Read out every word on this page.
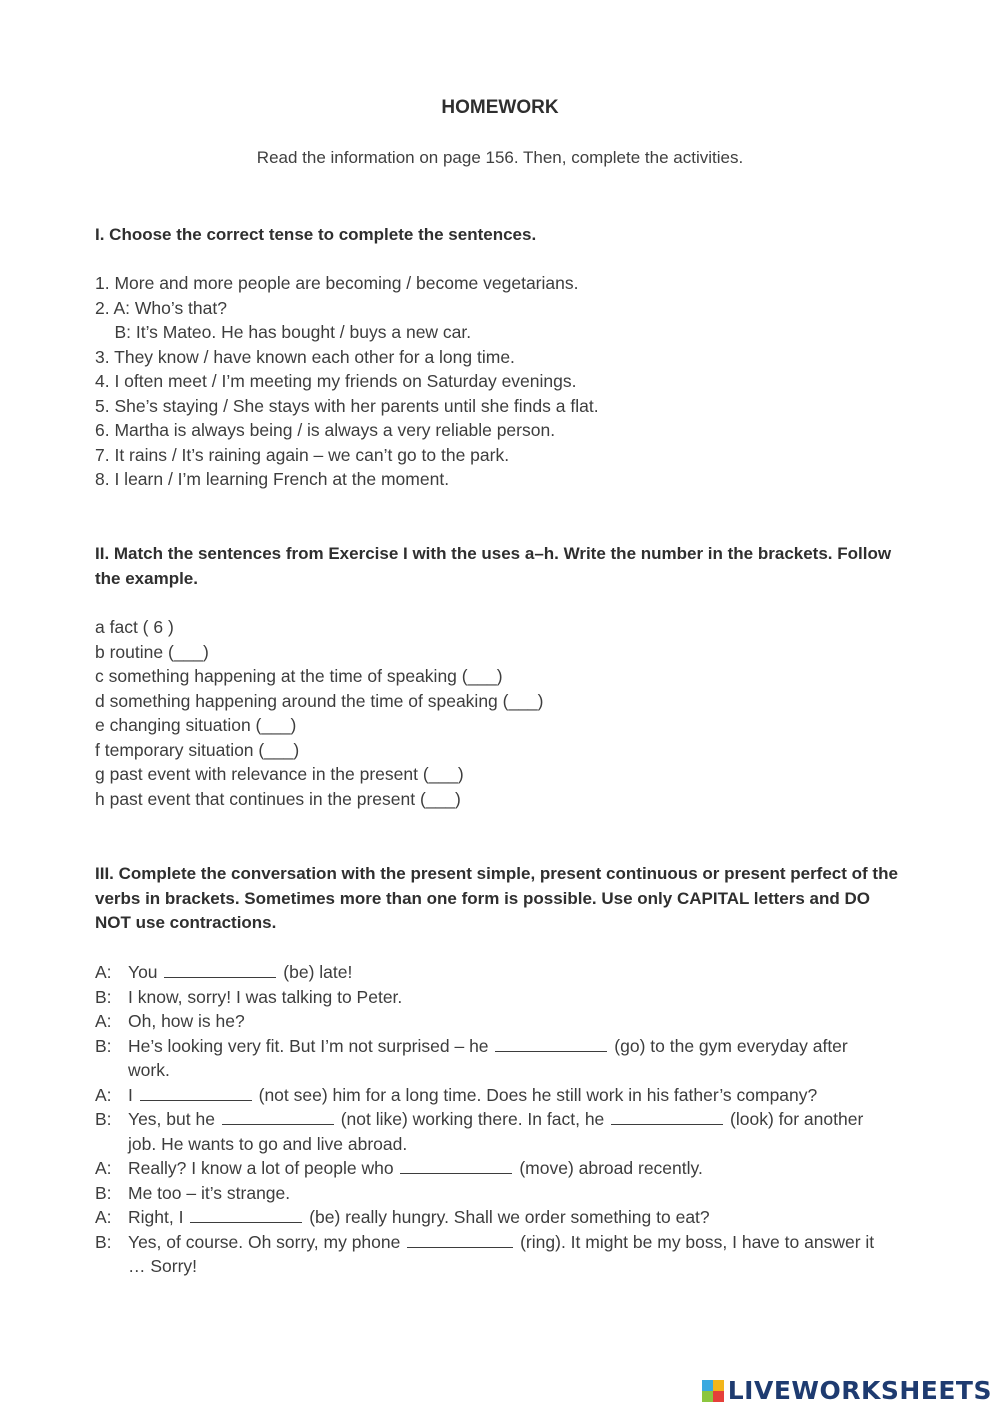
HOMEWORK
Read the information on page 156. Then, complete the activities.
I. Choose the correct tense to complete the sentences.
1. More and more people are becoming / become vegetarians.
2. A: Who’s that?
B: It’s Mateo. He has bought / buys a new car.
3. They know / have known each other for a long time.
4. I often meet / I’m meeting my friends on Saturday evenings.
5. She’s staying / She stays with her parents until she finds a flat.
6. Martha is always being / is always a very reliable person.
7. It rains / It’s raining again – we can’t go to the park.
8. I learn / I’m learning French at the moment.
II. Match the sentences from Exercise I with the uses a–h. Write the number in the brackets. Follow the example.
a fact ( 6 )
b routine (___)
c something happening at the time of speaking (___)
d something happening around the time of speaking (___)
e changing situation (___)
f temporary situation (___)
g past event with relevance in the present (___)
h past event that continues in the present (___)
III. Complete the conversation with the present simple, present continuous or present perfect of the verbs in brackets. Sometimes more than one form is possible. Use only CAPITAL letters and DO NOT use contractions.
A: You	(be) late!
B: I know, sorry! I was talking to Peter.
A: Oh, how is he?
B: He’s looking very fit. But I’m not surprised – he	(go) to the gym everyday after work.
A: I	(not see) him for a long time. Does he still work in his father’s company?
B: Yes, but he	(not like) working there. In fact, he	(look) for another job. He wants to go and live abroad.
A: Really? I know a lot of people who	(move) abroad recently.
B: Me too – it’s strange.
A: Right, I	(be) really hungry. Shall we order something to eat?
B: Yes, of course. Oh sorry, my phone	(ring). It might be my boss, I have to answer it … Sorry!
LIVEWORKSHEETS
